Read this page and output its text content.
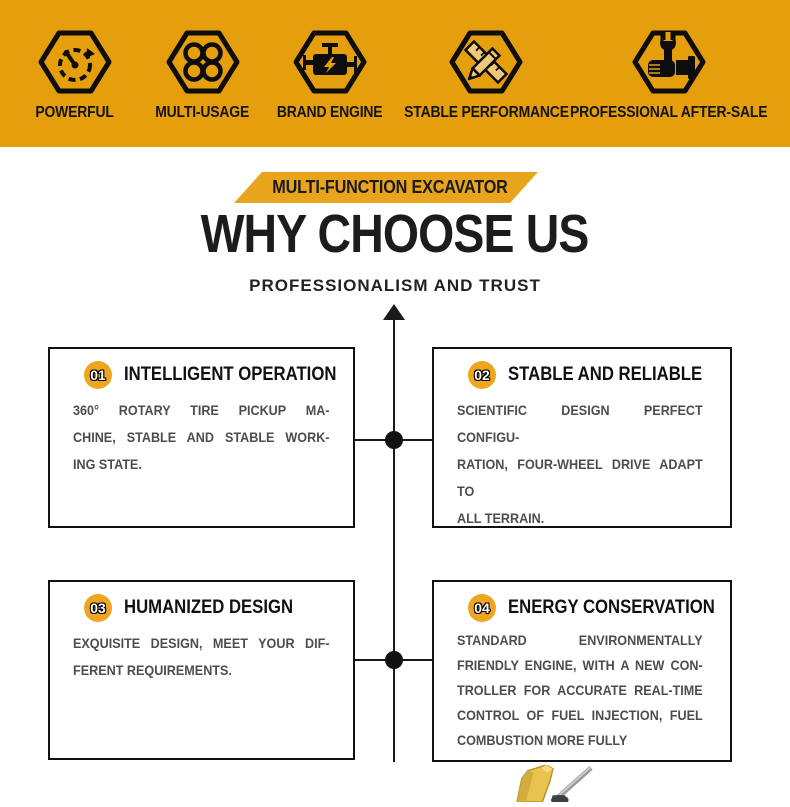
POWERFUL	MULTI-USAGE BRAND ENGINE STABLE PERFORMANCE PROFESSIONAL AFTER-SALE
MULTI-FUNCTION EXCAVATOR
WHY CHOOSE US
PROFESSIONALISM AND TRUST
01 INTELLIGENT OPERATION
360° ROTARY TIRE PICKUP MA-
CHINE, STABLE AND STABLE WORK-
ING STATE.
02 STABLE AND RELIABLE
SCIENTIFIC DESIGN PERFECT CONFIGU-
RATION, FOUR-WHEEL DRIVE ADAPT TO
ALL TERRAIN.
03 HUMANIZED DESIGN
EXQUISITE DESIGN, MEET YOUR DIF-
FERENT REQUIREMENTS.
04 ENERGY CONSERVATION
STANDARD ENVIRONMENTALLY
FRIENDLY ENGINE, WITH A NEW CON-
TROLLER FOR ACCURATE REAL-TIME
CONTROL OF FUEL INJECTION, FUEL
COMBUSTION MORE FULLY
